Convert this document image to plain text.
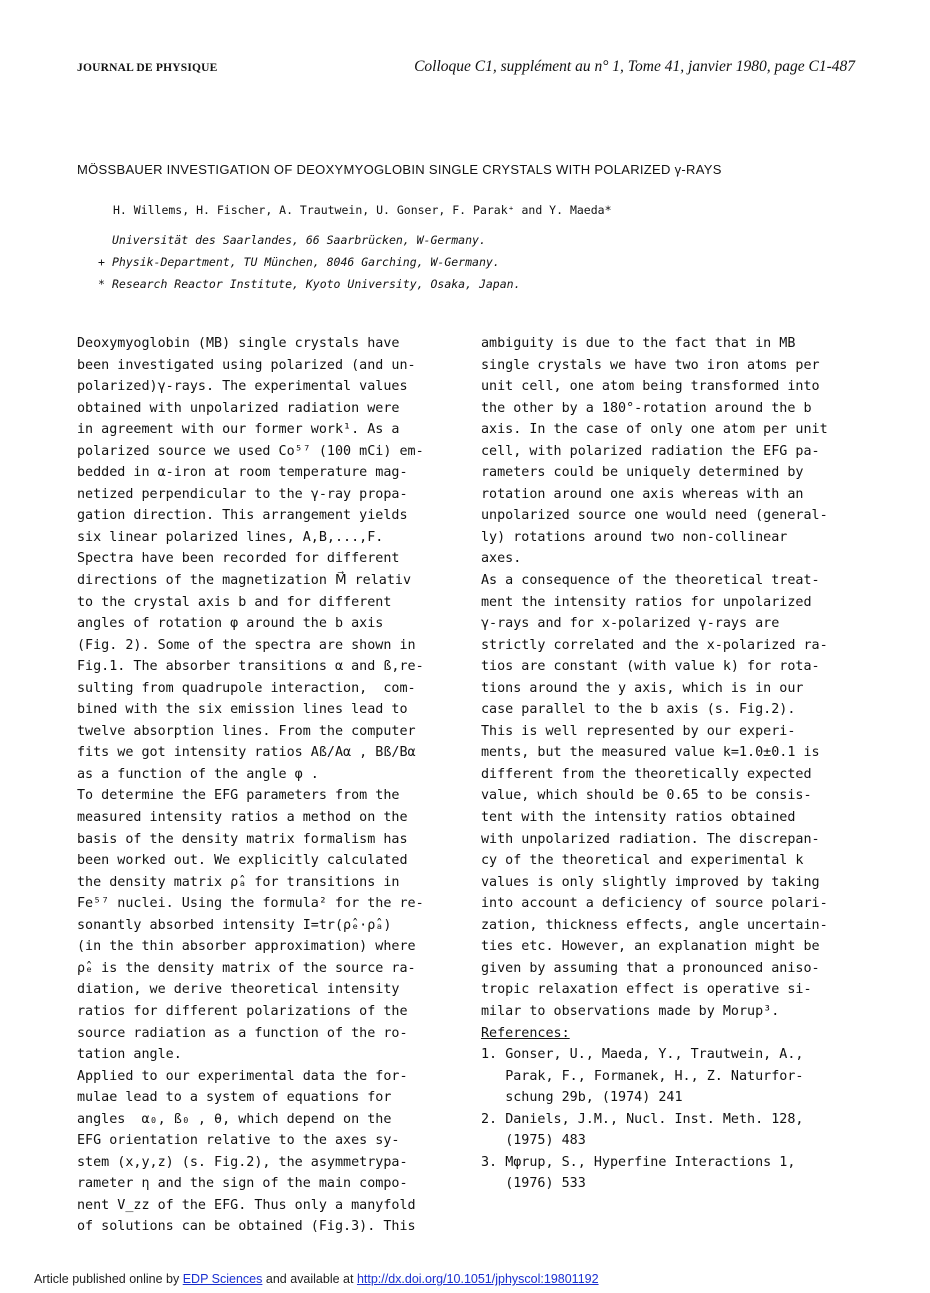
JOURNAL DE PHYSIQUE	Colloque C1, supplément au n° 1, Tome 41, janvier 1980, page C1-487
MÖSSBAUER INVESTIGATION OF DEOXYMYOGLOBIN SINGLE CRYSTALS WITH POLARIZED γ-RAYS
H. Willems, H. Fischer, A. Trautwein, U. Gonser, F. Parak⁺ and Y. Maeda*
Universität des Saarlandes, 66 Saarbrücken, W-Germany.
+ Physik-Department, TU München, 8046 Garching, W-Germany.
* Research Reactor Institute, Kyoto University, Osaka, Japan.
Deoxymyoglobin (MB) single crystals have
been investigated using polarized (and un-
polarized)γ-rays. The experimental values
obtained with unpolarized radiation were
in agreement with our former work¹. As a
polarized source we used Co⁵⁷ (100 mCi) em-
bedded in α-iron at room temperature mag-
netized perpendicular to the γ-ray propa-
gation direction. This arrangement yields
six linear polarized lines, A,B,...,F.
Spectra have been recorded for different
directions of the magnetization M⃗ relativ
to the crystal axis b and for different
angles of rotation φ around the b axis
(Fig. 2). Some of the spectra are shown in
Fig.1. The absorber transitions α and ß,re-
sulting from quadrupole interaction,  com-
bined with the six emission lines lead to
twelve absorption lines. From the computer
fits we got intensity ratios Aß/Aα , Bß/Bα
as a function of the angle φ .
To determine the EFG parameters from the
measured intensity ratios a method on the
basis of the density matrix formalism has
been worked out. We explicitly calculated
the density matrix ρ̂ₐ for transitions in
Fe⁵⁷ nuclei. Using the formula² for the re-
sonantly absorbed intensity I=tr(ρ̂ₑ·ρ̂ₐ)
(in the thin absorber approximation) where
ρ̂ₑ is the density matrix of the source ra-
diation, we derive theoretical intensity
ratios for different polarizations of the
source radiation as a function of the ro-
tation angle.
Applied to our experimental data the for-
mulae lead to a system of equations for
angles  α₀, ß₀ , θ, which depend on the
EFG orientation relative to the axes sy-
stem (x,y,z) (s. Fig.2), the asymmetrypa-
rameter η and the sign of the main compo-
nent V_zz of the EFG. Thus only a manyfold
of solutions can be obtained (Fig.3). This
ambiguity is due to the fact that in MB
single crystals we have two iron atoms per
unit cell, one atom being transformed into
the other by a 180°-rotation around the b
axis. In the case of only one atom per unit
cell, with polarized radiation the EFG pa-
rameters could be uniquely determined by
rotation around one axis whereas with an
unpolarized source one would need (general-
ly) rotations around two non-collinear
axes.
As a consequence of the theoretical treat-
ment the intensity ratios for unpolarized
γ-rays and for x-polarized γ-rays are
strictly correlated and the x-polarized ra-
tios are constant (with value k) for rota-
tions around the y axis, which is in our
case parallel to the b axis (s. Fig.2).
This is well represented by our experi-
ments, but the measured value k=1.0±0.1 is
different from the theoretically expected
value, which should be 0.65 to be consis-
tent with the intensity ratios obtained
with unpolarized radiation. The discrepan-
cy of the theoretical and experimental k
values is only slightly improved by taking
into account a deficiency of source polari-
zation, thickness effects, angle uncertain-
ties etc. However, an explanation might be
given by assuming that a pronounced aniso-
tropic relaxation effect is operative si-
milar to observations made by Morup³.
References:
1. Gonser, U., Maeda, Y., Trautwein, A.,
Parak, F., Formanek, H., Z. Naturfor-
schung 29b, (1974) 241
2. Daniels, J.M., Nucl. Inst. Meth. 128,
(1975) 483
3. Mφrup, S., Hyperfine Interactions 1,
(1976) 533
Article published online by EDP Sciences and available at http://dx.doi.org/10.1051/jphyscol:19801192
